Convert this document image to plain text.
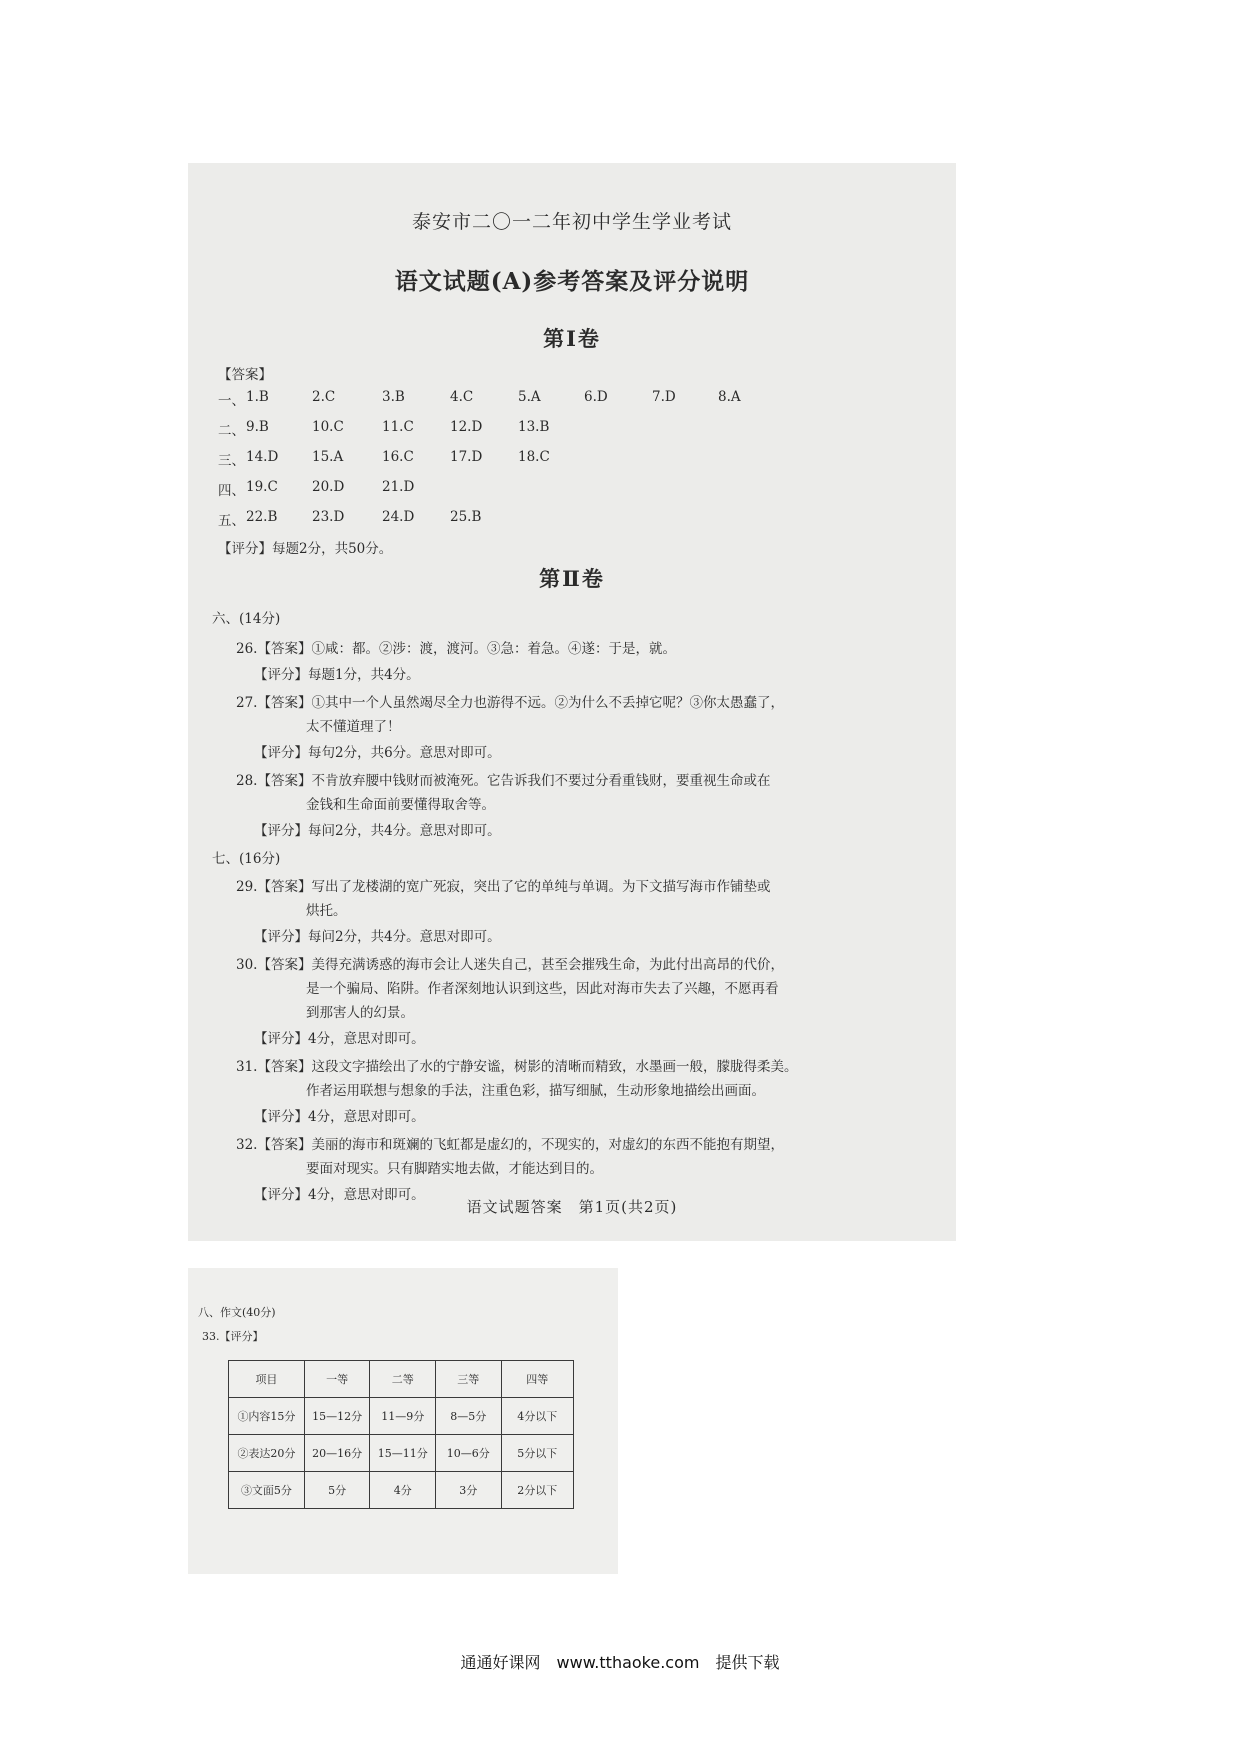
泰安市二〇一二年初中学生学业考试
语文试题(A)参考答案及评分说明
第Ⅰ卷
【答案】
一、 1.B	2.C	3.B	4.C	5.A	6.D	7.D	8.A
二、 9.B	10.C	11.C	12.D	13.B
三、 14.D 15.A	16.C	17.D	18.C
四、 19.C	20.D	21.D
五、 22.B	23.D	24.D	25.B
【评分】每题2分，共50分。
第Ⅱ卷
六、(14分)
26.【答案】①咸：都。②涉：渡，渡河。③急：着急。④遂：于是，就。
【评分】每题1分，共4分。
27.【答案】①其中一个人虽然竭尽全力也游得不远。②为什么不丢掉它呢？③你太愚蠢了，
太不懂道理了！
【评分】每句2分，共6分。意思对即可。
28.【答案】不肯放弃腰中钱财而被淹死。它告诉我们不要过分看重钱财，要重视生命或在
金钱和生命面前要懂得取舍等。
【评分】每问2分，共4分。意思对即可。
七、(16分)
29.【答案】写出了龙楼湖的宽广死寂，突出了它的单纯与单调。为下文描写海市作铺垫或
烘托。
【评分】每问2分，共4分。意思对即可。
30.【答案】美得充满诱惑的海市会让人迷失自己，甚至会摧残生命，为此付出高昂的代价，
是一个骗局、陷阱。作者深刻地认识到这些，因此对海市失去了兴趣，不愿再看
到那害人的幻景。
【评分】4分，意思对即可。
31.【答案】这段文字描绘出了水的宁静安谧，树影的清晰而精致，水墨画一般，朦胧得柔美。
作者运用联想与想象的手法，注重色彩，描写细腻，生动形象地描绘出画面。
【评分】4分，意思对即可。
32.【答案】美丽的海市和斑斓的飞虹都是虚幻的，不现实的，对虚幻的东西不能抱有期望，
要面对现实。只有脚踏实地去做，才能达到目的。
【评分】4分，意思对即可。
语文试题答案　第1页(共2页)
八、作文(40分)
33.【评分】
项目	一等	二等	三等	四等
①内容15分	15—12分	11—9分	8—5分	4分以下
②表达20分	20—16分	15—11分	10—6分	5分以下
③文面5分	5分	4分	3分	2分以下
通通好课网　www.tthaoke.com　提供下载
